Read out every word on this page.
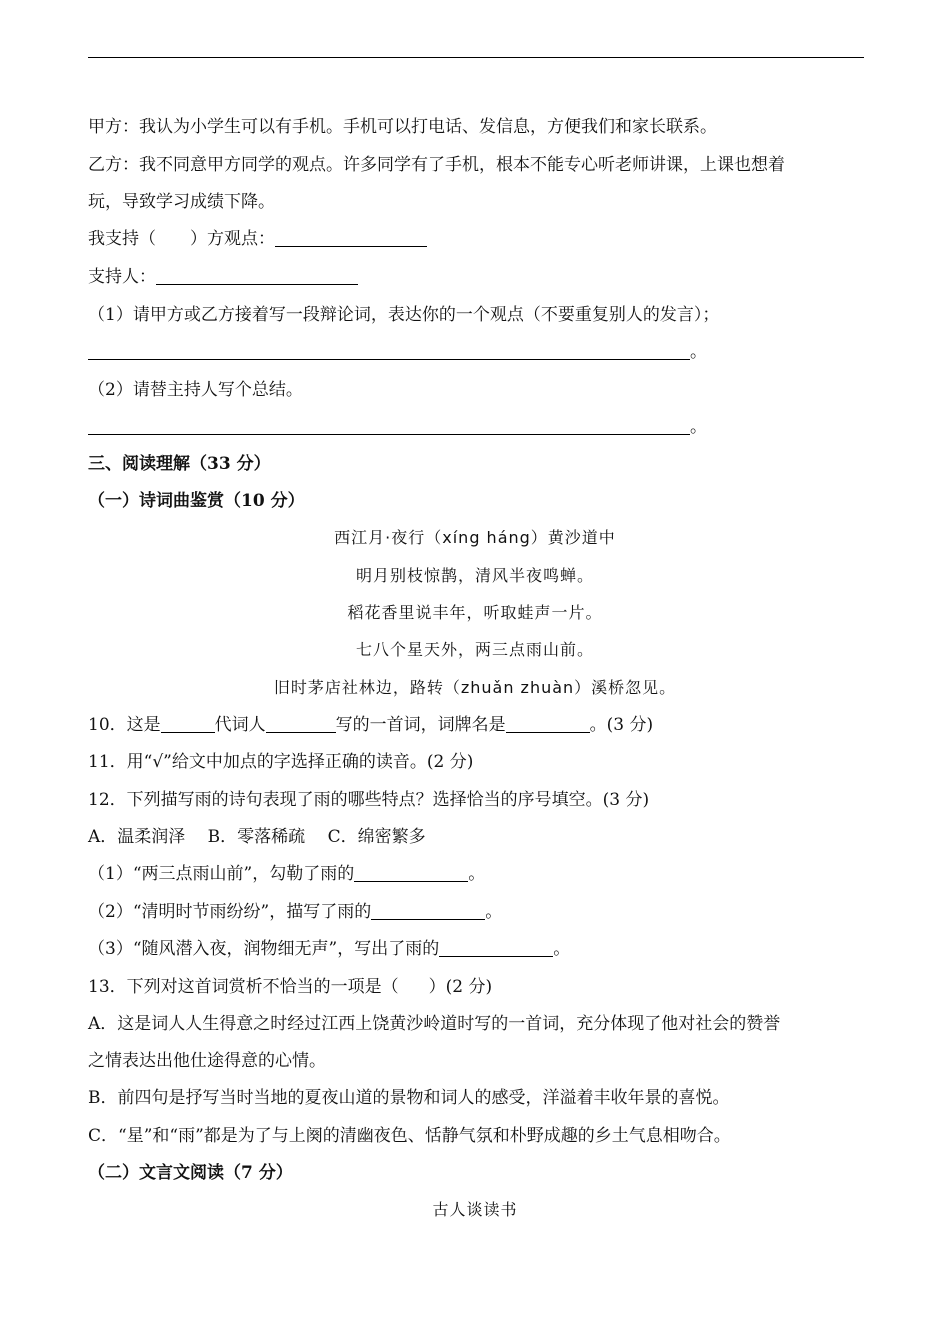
甲方：我认为小学生可以有手机。手机可以打电话、发信息，方便我们和家长联系。
乙方：我不同意甲方同学的观点。许多同学有了手机，根本不能专心听老师讲课，上课也想着
玩，导致学习成绩下降。
我支持（ ）方观点：
支持人：
（1）请甲方或乙方接着写一段辩论词，表达你的一个观点（不要重复别人的发言）；
。
（2）请替主持人写个总结。
。
三、阅读理解（33 分）
（一）诗词曲鉴赏（10 分）
西江月·夜行（xíng háng）黄沙道中
明月别枝惊鹊，清风半夜鸣蝉。
稻花香里说丰年，听取蛙声一片。
七八个星天外，两三点雨山前。
旧时茅店社林边，路转（zhuǎn zhuàn）溪桥忽见。
10．这是	代词人	写的一首词，词牌名是	。(3 分)
11．用“√”给文中加点的字选择正确的读音。(2 分)
12．下列描写雨的诗句表现了雨的哪些特点？选择恰当的序号填空。(3 分)
A．温柔润泽　 B．零落稀疏　 C．绵密繁多
（1）“两三点雨山前”，勾勒了雨的	。
（2）“清明时节雨纷纷”，描写了雨的	。
（3）“随风潜入夜，润物细无声”，写出了雨的	。
13．下列对这首词赏析不恰当的一项是（ ）(2 分)
A．这是词人人生得意之时经过江西上饶黄沙岭道时写的一首词，充分体现了他对社会的赞誉
之情表达出他仕途得意的心情。
B．前四句是抒写当时当地的夏夜山道的景物和词人的感受，洋溢着丰收年景的喜悦。
C．“星”和“雨”都是为了与上阕的清幽夜色、恬静气氛和朴野成趣的乡土气息相吻合。
（二）文言文阅读（7 分）
古人谈读书
